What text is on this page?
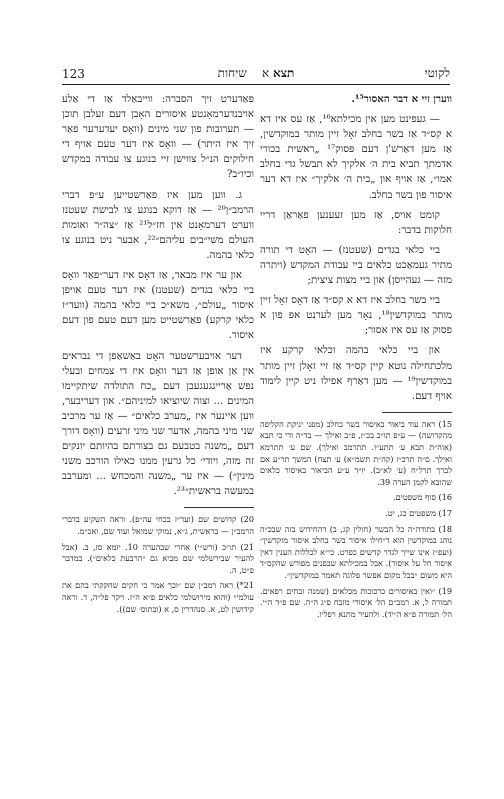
לקוטי
תצא א    שיחות
123

ווערן זיי א דבר האסור¹⁵.

— געפינט מען אין מכילתא¹⁶, אַז עס איז דא א קס״ד אַז בשר בחלב זאָל זיין מותר במוקדשין, אַז מען דאַרשׁ'ן דעם פּסוק¹⁷ „ראשית בכורי אדמתך תביא בית ה׳ אלקיך לא תבשל גדי בחלב אמו״, אַז אויף און „בית ה׳ אלקיך״ איז דא דער איסור פון בשר בחלב.

קומט אויס, אַז מען זעענען פאַראַן דריי חלוקות בדבר:

ביי כלאי בגדים (שעטנז) — האָט די תורה מתיר געמאַכט כלאים ביי עבודת המקדש (ויתרה מזה — געהייסן) און ביי מצות ציצית;

ביי בשר בחלב איז דא א קס״ד אַז דאָס זאָל זיין מותר במוקדשין¹⁸, נאָר מען לערנט אפּ פון א פסוק אַז עס איז אסור;

און ביי כלאי בהמה וכלאי קרקע איז מלכתחילה נוטא קיין קס״ד אַז זיי זאָלן זיין מותר במוקדשין¹⁹ — מען דאַרף אפילו ניט קיין לימוד אויף דעם.

15) ראה עוד ביאור באיסור בשר בחלב (מפני יניקת הקליפה מהקדושה) — ע״פ תו״כ בכ״ז, פ״ב ואילך — בד״ה ודי כי תבא (אוה״ת תבא ע׳ תתע״ו. תתרמב ואילך). שם ע׳ תתרמא ואילך. ס״ה תרכ״ז (קה״ת תשמ״א) ע׳ תצח) המשך תר״ע אם לברך תרל״ח (ע׳ לא״ב). יו״ד ע״ע הביאור באיסור כלאים שהובא לקמן הערה 39.

16) סוף משפטים.

17) משפטים כג, יט.

18) בתודה״ה כל הבשר (חולין קג, ב) דהחידוש בזה שבכ״ה נוהג במוקדשין הוא ד״חילו איסור בשר בחלב איסור מוקדשין״ (ועפ״ז אינו שייך לגדר קדשים כפרט. כי״א לכללות הענין דאין איסור חל על איסור). אבל במכילתא שבפנים מפורש שהקס״ד היא משום ״בכל מקום אפשר פלוגה תאמר במוקדשין״.

19) ״ואין באיסורים כרכובות מכלאים (שמנה זבחים רפאים. תמורה ל, א. רמב״ם הל׳ איסורי מזבח פ״ג ה״ה. שם פ״ד ה״י. הל׳ תמורה פ״א ה״יד). ולהעיר מתנא רפליו.

פּאַדערט זיך הסברה: ווייבאַלד אַז די אַלע אויבנדערמאָנטע איסורים האָבן דעם זעלבן תוכן — תערובות פון שני מינים (וואָס יעדערער פאַר זיך איז היתר) — וואָס איז דער טעם אויף די חילוקים הנ״ל צווישן זיי בנוגע צו עבודה במקדש וכיו״ב?

ג. ווען מען איז פאַרשטייען ע״פ דברי הרמב״ן²⁰ — אַז דוקא בנוגע צו לבישת שעטנז ווערט דערמאָנט אין חז״ל²¹ אַז ״צה״ר ואומות העולם משי״בים עליהם״²², אבער ניט בנוגע צו כלאי בהמה.

און ער איז מבאר, אַז דאָס איז דער״פאַר וואָס ביי כלאי בגדים (שעטנז) איז דער טעם אויפן איסור „עולם״, משא״כ ביי כלאי בהמה (וועד״ז כלאי קרקע) פאַרשטייט מען דעם טעם פון דעם איסור.

דער אויבערשטער האָט באַשאַפן די נבראים אין אַן אופן אַז דער וואָס איז די צמחים ובעלי נפש אַריינגעגעבן דעם „כח התולדה שיתקיימו המינים ... וצוה שיוציאו למיניהם״. און דעריבער, ווען איינער איז „מערב כלאים״ — אַז ער מרכיב שני מיני בהמה, אדער שני מיני זרעים (וואָס דורך דעם „משנה בטבעם גם בצורתם בהיותם יונקים זה מזה, ויודי׳ כל גרעין ממנו כאילו הורכב משני מינין״) — איז ער „משנה והמכחש ... ומערבב במעשה בראשית״²³.

20) קדושים שם (ועד״ז בכחי עה״פ). וראה השקיע בדברי הרמב״ן — בראשית, ג״א, נמוקי שמואל ועוד שם, ואכ״מ.

21) תו״כ (ורש״י) אחרי שבהערה 10. יומא סז, ב. (אבל להעיר שבירשלמי שם מביא גם ״הרבעת כלאים״). במדבר פ״ט, ה.

21*) ראה רמב״ן שם ״וכך אמר כי חקים שחקקתי בהם את עולמי״ (והוא מירושלמי כלאים פ״א ה״ז. ויקר פל״ה, ד. וראה קידושין לט, א. סנהדרין ס, א (ובתוס׳ שם)).
